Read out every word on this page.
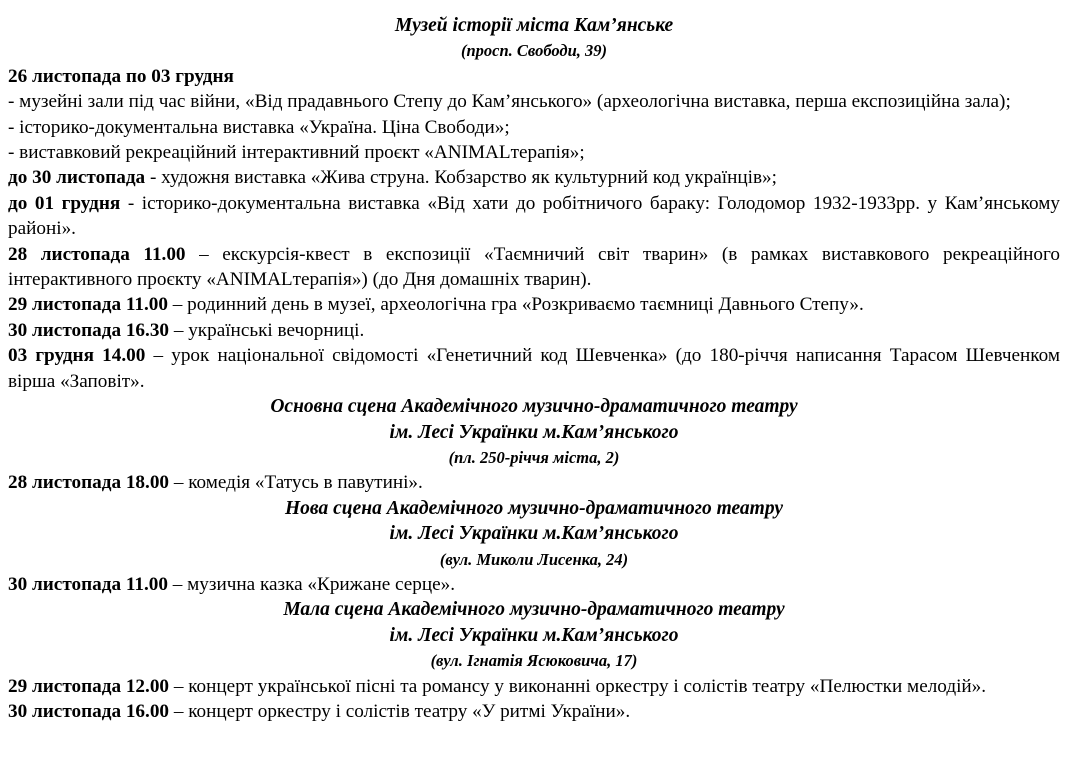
Музей історії міста Кам’янське

(просп. Свободи, 39)

26 листопада по 03 грудня

- музейні зали під час війни, «Від прадавнього Степу до Кам’янського» (археологічна виставка, перша експозиційна зала);

- історико-документальна виставка «Україна. Ціна Свободи»;

- виставковий рекреаційний інтерактивний проєкт «ANIMALтерапія»;

до 30 листопада - художня виставка «Жива струна. Кобзарство як культурний код українців»;

до 01 грудня - історико-документальна виставка «Від хати до робітничого бараку: Голодомор 1932-1933рр. у Кам’янському районі».

28 листопада 11.00 – екскурсія-квест в експозиції «Таємничий світ тварин» (в рамках виставкового рекреаційного інтерактивного проєкту «ANIMALтерапія») (до Дня домашніх тварин).

29 листопада 11.00 – родинний день в музеї, археологічна гра «Розкриваємо таємниці Давнього Степу».

30 листопада 16.30 – українські вечорниці.

03 грудня 14.00 – урок національної свідомості «Генетичний код Шевченка» (до 180-річчя написання Тарасом Шевченком вірша «Заповіт».

Основна сцена Академічного музично-драматичного театру

ім. Лесі Українки м.Кам’янського

(пл. 250-річчя міста, 2)

28 листопада 18.00 – комедія «Татусь в павутині».

Нова сцена Академічного музично-драматичного театру

ім. Лесі Українки м.Кам’янського

(вул. Миколи Лисенка, 24)

30 листопада 11.00 – музична казка «Крижане серце».

Мала сцена Академічного музично-драматичного театру

ім. Лесі Українки м.Кам’янського

(вул. Ігнатія Ясюковича, 17)

29 листопада 12.00 – концерт української пісні та романсу у виконанні оркестру і солістів театру «Пелюстки мелодій».

30 листопада 16.00 – концерт оркестру і солістів театру «У ритмі України».
